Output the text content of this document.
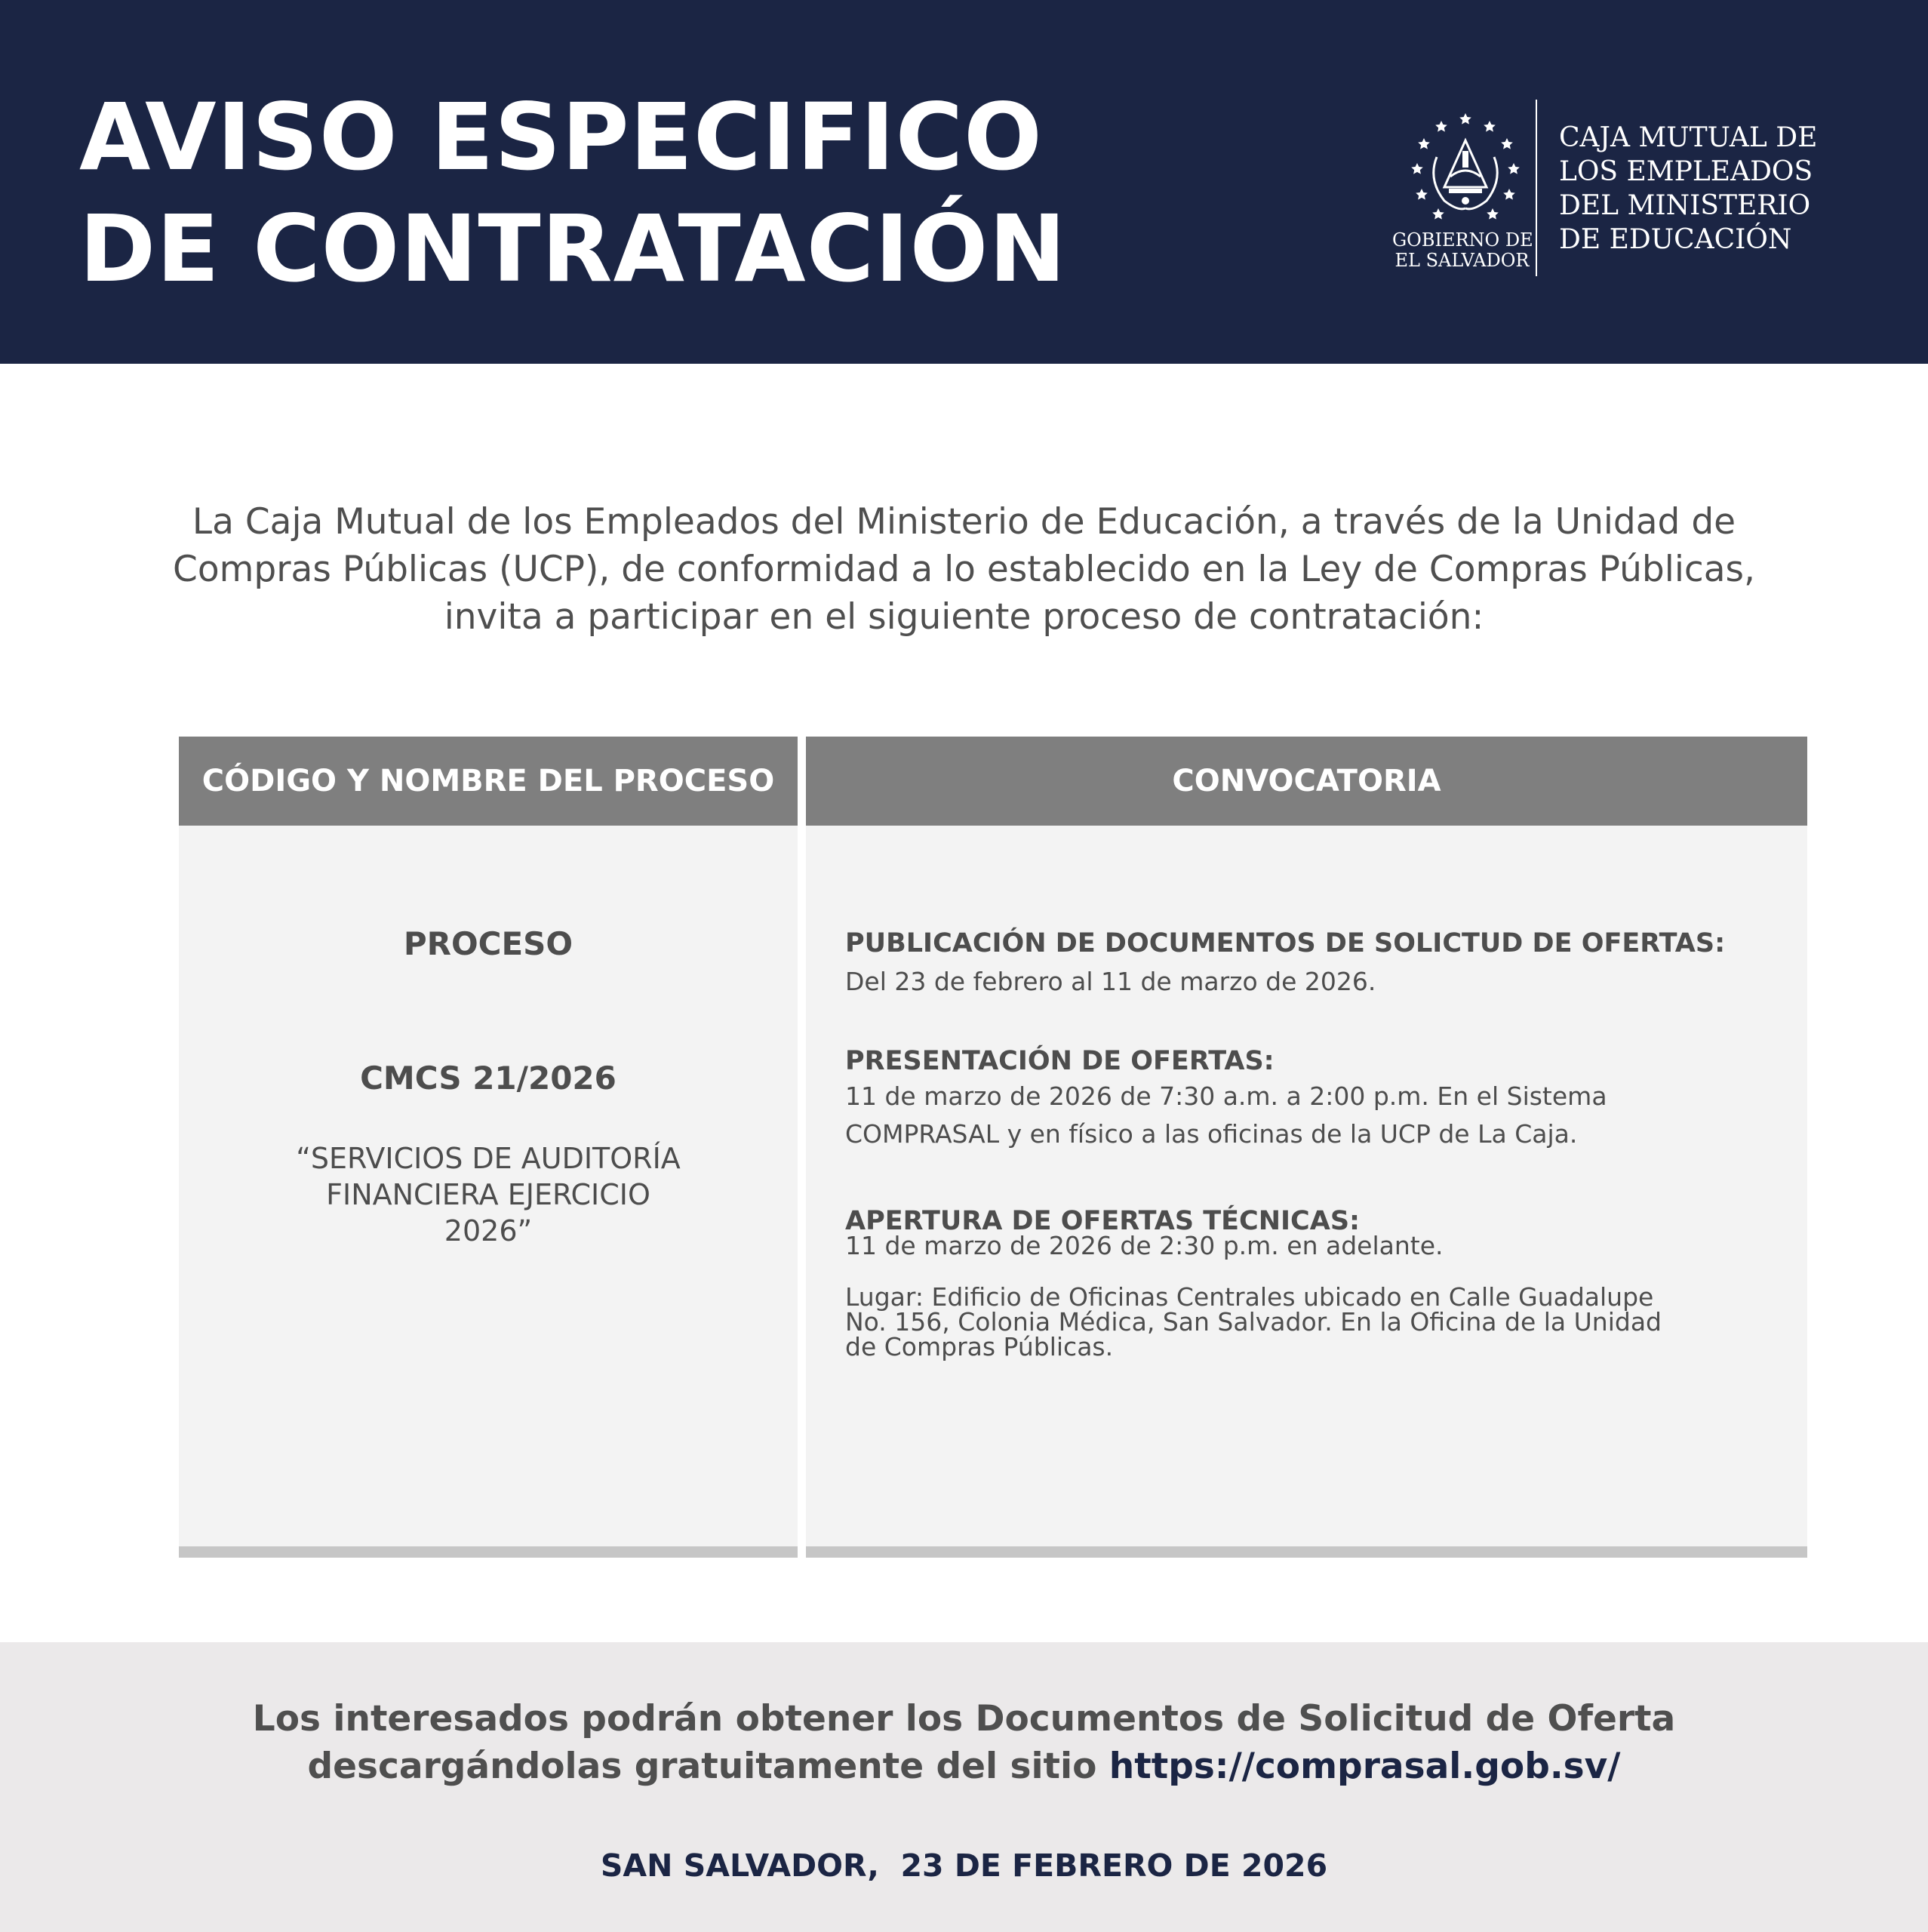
AVISO ESPECIFICO
DE CONTRATACIÓN	GOBIERNO DE
EL SALVADOR
CAJA MUTUAL DE
LOS EMPLEADOS
DEL MINISTERIO
DE EDUCACIÓN
La Caja Mutual de los Empleados del Ministerio de Educación, a través de la Unidad de
Compras Públicas (UCP), de conformidad a lo establecido en la Ley de Compras Públicas,
invita a participar en el siguiente proceso de contratación:
CÓDIGO Y NOMBRE DEL PROCESO
PROCESO
CMCS 21/2026
“SERVICIOS DE AUDITORÍA
FINANCIERA EJERCICIO
2026”
CONVOCATORIA
PUBLICACIÓN DE DOCUMENTOS DE SOLICTUD DE OFERTAS:
Del 23 de febrero al 11 de marzo de 2026.
PRESENTACIÓN DE OFERTAS:
11 de marzo de 2026 de 7:30 a.m. a 2:00 p.m. En el Sistema
COMPRASAL y en físico a las oficinas de la UCP de La Caja.
APERTURA DE OFERTAS TÉCNICAS:
11 de marzo de 2026 de 2:30 p.m. en adelante.
Lugar: Edificio de Oficinas Centrales ubicado en Calle Guadalupe
No. 156, Colonia Médica, San Salvador. En la Oficina de la Unidad
de Compras Públicas.
Los interesados podrán obtener los Documentos de Solicitud de Oferta
descargándolas gratuitamente del sitio https://comprasal.gob.sv/
SAN SALVADOR,  23 DE FEBRERO DE 2026
